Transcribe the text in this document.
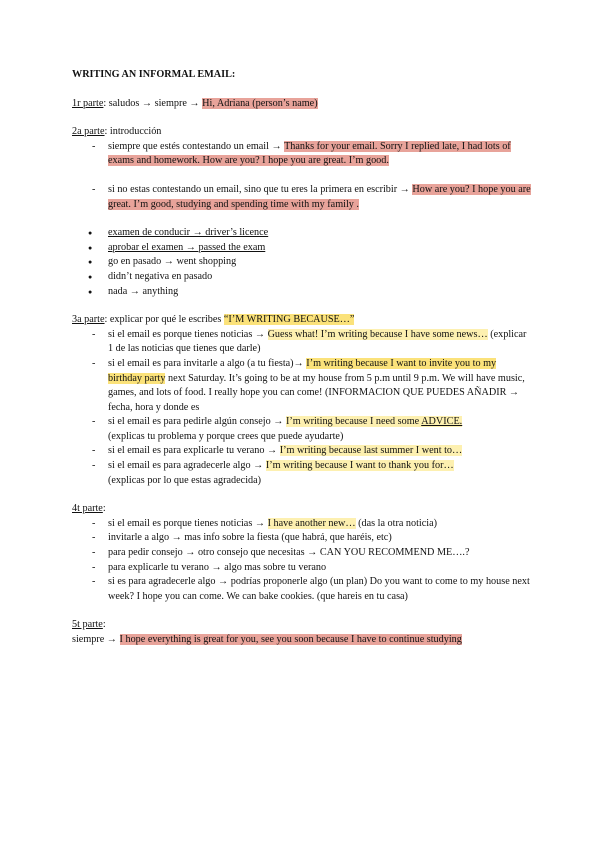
WRITING AN INFORMAL EMAIL:
1r parte: saludos → siempre → Hi, Adriana (person’s name)
2a parte: introducción
- siempre que estés contestando un email → Thanks for your email. Sorry I replied late, I had lots of exams and homework. How are you? I hope you are great. I’m good.
- si no estas contestando un email, sino que tu eres la primera en escribir → How are you? I hope you are great. I’m good, studying and spending time with my family .
● examen de conducir → driver’s licence
● aprobar el examen → passed the exam
● go en pasado → went shopping
● didn’t negativa en pasado
● nada → anything
3a parte: explicar por qué le escribes “I’M WRITING BECAUSE…”
- si el email es porque tienes noticias → Guess what! I’m writing because I have some news… (explicar 1 de las noticias que tienes que darle)
- si el email es para invitarle a algo (a tu fiesta)→ I’m writing because I want to invite you to my birthday party next Saturday. It’s going to be at my house from 5 p.m until 9 p.m. We will have music, games, and lots of food. I really hope you can come! (INFORMACION QUE PUEDES AÑADIR → fecha, hora y donde es
- si el email es para pedirle algún consejo → I’m writing because I need some ADVICE.
(explicas tu problema y porque crees que puede ayudarte)
- si el email es para explicarle tu verano → I’m writing because last summer I went to…
- si el email es para agradecerle algo → I’m writing because I want to thank you for…
(explicas por lo que estas agradecida)
4t parte:
- si el email es porque tienes noticias → I have another new… (das la otra noticia)
- invitarle a algo → mas info sobre la fiesta (que habrá, que haréis, etc)
- para pedir consejo → otro consejo que necesitas → CAN YOU RECOMMEND ME….?
- para explicarle tu verano → algo mas sobre tu verano
- si es para agradecerle algo → podrías proponerle algo (un plan) Do you want to come to my house next week? I hope you can come. We can bake cookies. (que hareis en tu casa)
5t parte:
siempre → I hope everything is great for you, see you soon because I have to continue studying
